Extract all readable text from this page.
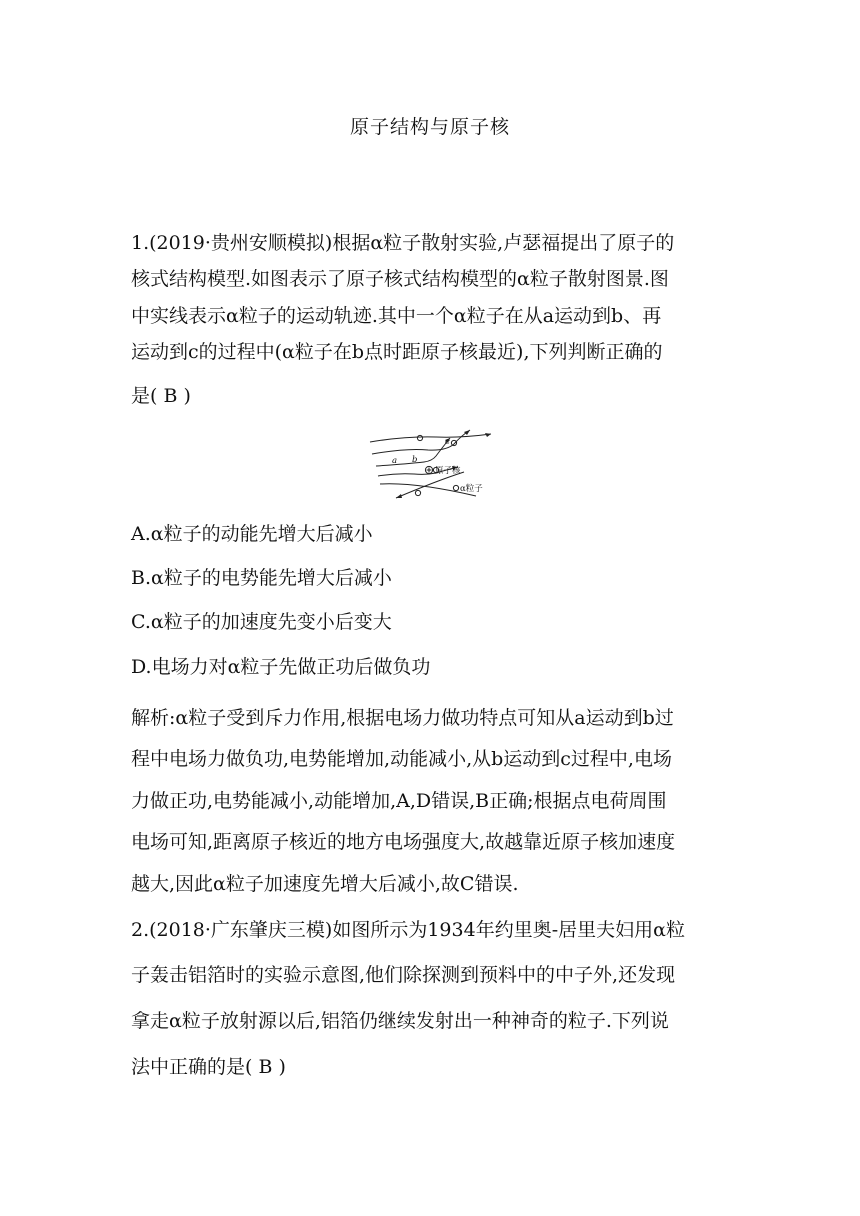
原子结构与原子核
1.(2019·贵州安顺模拟)根据α粒子散射实验,卢瑟福提出了原子的
核式结构模型.如图表示了原子核式结构模型的α粒子散射图景.图
中实线表示α粒子的运动轨迹.其中一个α粒子在从a运动到b、再
运动到c的过程中(α粒子在b点时距原子核最近),下列判断正确的
是( B )
a b
c
原子核
α粒子
A.α粒子的动能先增大后减小
B.α粒子的电势能先增大后减小
C.α粒子的加速度先变小后变大
D.电场力对α粒子先做正功后做负功
解析:α粒子受到斥力作用,根据电场力做功特点可知从a运动到b过
程中电场力做负功,电势能增加,动能减小,从b运动到c过程中,电场
力做正功,电势能减小,动能增加,A,D错误,B正确;根据点电荷周围
电场可知,距离原子核近的地方电场强度大,故越靠近原子核加速度
越大,因此α粒子加速度先增大后减小,故C错误.
2.(2018·广东肇庆三模)如图所示为1934年约里奥-居里夫妇用α粒
子轰击铝箔时的实验示意图,他们除探测到预料中的中子外,还发现
拿走α粒子放射源以后,铝箔仍继续发射出一种神奇的粒子.下列说
法中正确的是( B )
